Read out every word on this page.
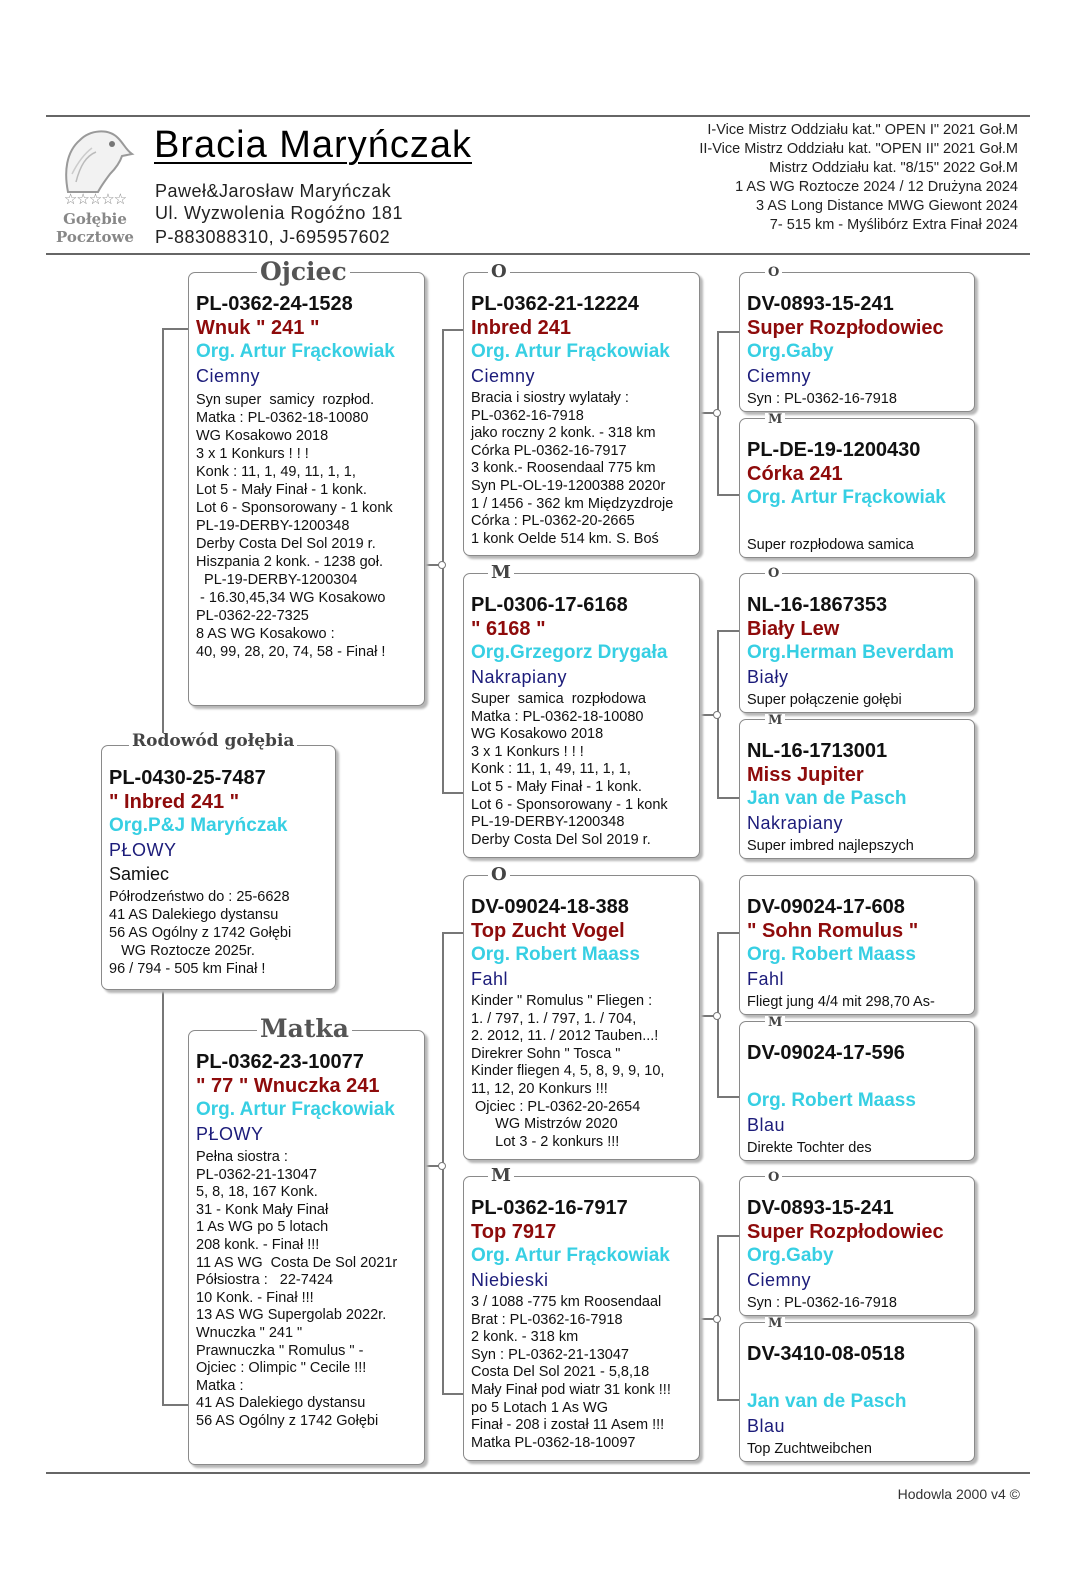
☆☆☆☆☆
Gołębie
Pocztowe
Bracia Maryńczak
Paweł&Jarosław Maryńczak
Ul. Wyzwolenia Rogóźno 181
P-883088310, J-695957602
I-Vice Mistrz Oddziału kat." OPEN I" 2021 Goł.M
II-Vice Mistrz Oddziału kat. "OPEN II" 2021 Goł.M
Mistrz Oddziału kat. "8/15" 2022 Goł.M
1 AS WG Roztocze 2024 / 12 Drużyna 2024
3 AS Long Distance MWG Giewont 2024
7- 515 km - Myślibórz Extra Finał 2024
PL-0430-25-7487
" Inbred 241 "
Org.P&J Maryńczak
PŁOWY
Samiec
Półrodzeństwo do : 25-6628
41 AS Dalekiego dystansu
56 AS Ogólny z 1742 Gołębi
WG Roztocze 2025r.
96 / 794 - 505 km Finał !
Rodowód gołębia
PL-0362-24-1528
Wnuk " 241 "
Org. Artur Frąckowiak
Ciemny
Syn super  samicy  rozpłod.
Matka : PL-0362-18-10080
WG Kosakowo 2018
3 x 1 Konkurs ! ! !
Konk : 11, 1, 49, 11, 1, 1,
Lot 5 - Mały Finał - 1 konk.
Lot 6 - Sponsorowany - 1 konk
PL-19-DERBY-1200348
Derby Costa Del Sol 2019 r.
Hiszpania 2 konk. - 1238 goł.
PL-19-DERBY-1200304
- 16.30,45,34 WG Kosakowo
PL-0362-22-7325
8 AS WG Kosakowo :
40, 99, 28, 20, 74, 58 - Finał !
Ojciec
PL-0362-23-10077
" 77 " Wnuczka 241
Org. Artur Frąckowiak
PŁOWY
Pełna siostra :
PL-0362-21-13047
5, 8, 18, 167 Konk.
31 - Konk Mały Finał
1 As WG po 5 lotach
208 konk. - Finał !!!
11 AS WG  Costa De Sol 2021r
Półsiostra :   22-7424
10 Konk. - Finał !!!
13 AS WG Supergolab 2022r.
Wnuczka " 241 "
Prawnuczka " Romulus " -
Ojciec : Olimpic " Cecile !!!
Matka :
41 AS Dalekiego dystansu
56 AS Ogólny z 1742 Gołębi
Matka
PL-0362-21-12224
Inbred 241
Org. Artur Frąckowiak
Ciemny
Bracia i siostry wylatały :
PL-0362-16-7918
jako roczny 2 konk. - 318 km
Córka PL-0362-16-7917
3 konk.- Roosendaal 775 km
Syn PL-OL-19-1200388 2020r
1 / 1456 - 362 km Międzyzdroje
Córka : PL-0362-20-2665
1 konk Oelde 514 km. S. Boś
O
PL-0306-17-6168
" 6168 "
Org.Grzegorz Drygała
Nakrapiany
Super  samica  rozpłodowa
Matka : PL-0362-18-10080
WG Kosakowo 2018
3 x 1 Konkurs ! ! !
Konk : 11, 1, 49, 11, 1, 1,
Lot 5 - Mały Finał - 1 konk.
Lot 6 - Sponsorowany - 1 konk
PL-19-DERBY-1200348
Derby Costa Del Sol 2019 r.
M
DV-09024-18-388
Top Zucht Vogel
Org. Robert Maass
Fahl
Kinder " Romulus " Fliegen :
1. / 797, 1. / 797, 1. / 704,
2. 2012, 11. / 2012 Tauben...!
Direkrer Sohn " Tosca "
Kinder fliegen 4, 5, 8, 9, 9, 10,
11, 12, 20 Konkurs !!!
Ojciec : PL-0362-20-2654
WG Mistrzów 2020
Lot 3 - 2 konkurs !!!
O
PL-0362-16-7917
Top 7917
Org. Artur Frąckowiak
Niebieski
3 / 1088 -775 km Roosendaal
Brat : PL-0362-16-7918
2 konk. - 318 km
Syn : PL-0362-21-13047
Costa Del Sol 2021 - 5,8,18
Mały Finał pod wiatr 31 konk !!!
po 5 Lotach 1 As WG
Finał - 208 i został 11 Asem !!!
Matka PL-0362-18-10097
M
DV-0893-15-241
Super Rozpłodowiec
Org.Gaby
Ciemny
Syn : PL-0362-16-7918
O
PL-DE-19-1200430
Córka 241
Org. Artur Frąckowiak
Super rozpłodowa samica
M
NL-16-1867353
Biały Lew
Org.Herman Beverdam
Biały
Super połączenie gołębi
O
NL-16-1713001
Miss Jupiter
Jan van de Pasch
Nakrapiany
Super imbred najlepszych
M
DV-09024-17-608
" Sohn Romulus "
Org. Robert Maass
Fahl
Fliegt jung 4/4 mit 298,70 As-
DV-09024-17-596
Org. Robert Maass
Blau
Direkte Tochter des
M
DV-0893-15-241
Super Rozpłodowiec
Org.Gaby
Ciemny
Syn : PL-0362-16-7918
O
DV-3410-08-0518
Jan van de Pasch
Blau
Top Zuchtweibchen
M
Hodowla 2000 v4 ©
